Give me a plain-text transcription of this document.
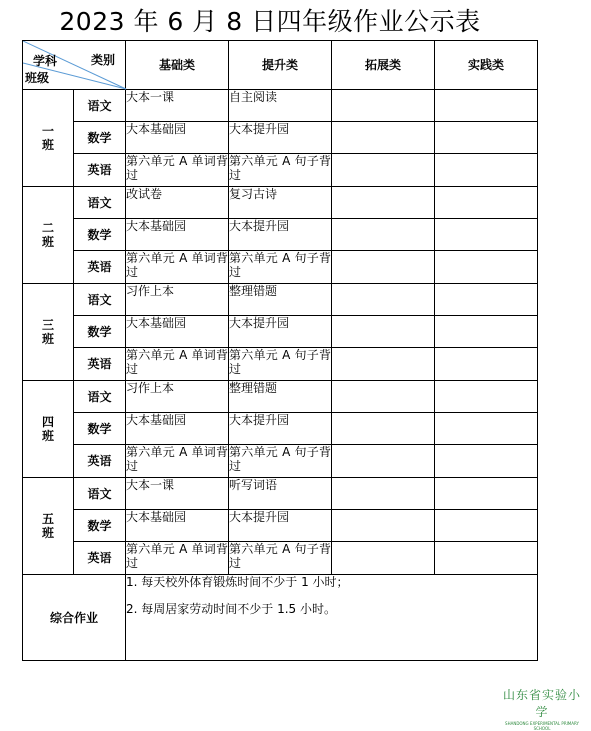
2023 年 6 月 8 日四年级作业公示表
学科 类别
班级		基础类	提升类	拓展类	实践类
一
班	语文	大本一课	自主阅读		
	数学	大本基础园	大本提升园		
	英语	第六单元 A 单词背过	第六单元 A 句子背过		
二
班	语文	改试卷	复习古诗		
	数学	大本基础园	大本提升园		
	英语	第六单元 A 单词背过	第六单元 A 句子背过		
三
班	语文	习作上本	整理错题		
	数学	大本基础园	大本提升园		
	英语	第六单元 A 单词背过	第六单元 A 句子背过		
四
班	语文	习作上本	整理错题		
	数学	大本基础园	大本提升园		
	英语	第六单元 A 单词背过	第六单元 A 句子背过		
五
班	语文	大本一课	听写词语		
	数学	大本基础园	大本提升园		
	英语	第六单元 A 单词背过	第六单元 A 句子背过		
综合作业		1. 每天校外体育锻炼时间不少于 1 小时；

2. 每周居家劳动时间不少于 1.5 小时。			

山东省实验小学
SHANDONG EXPERIMENTAL PRIMARY SCHOOL
